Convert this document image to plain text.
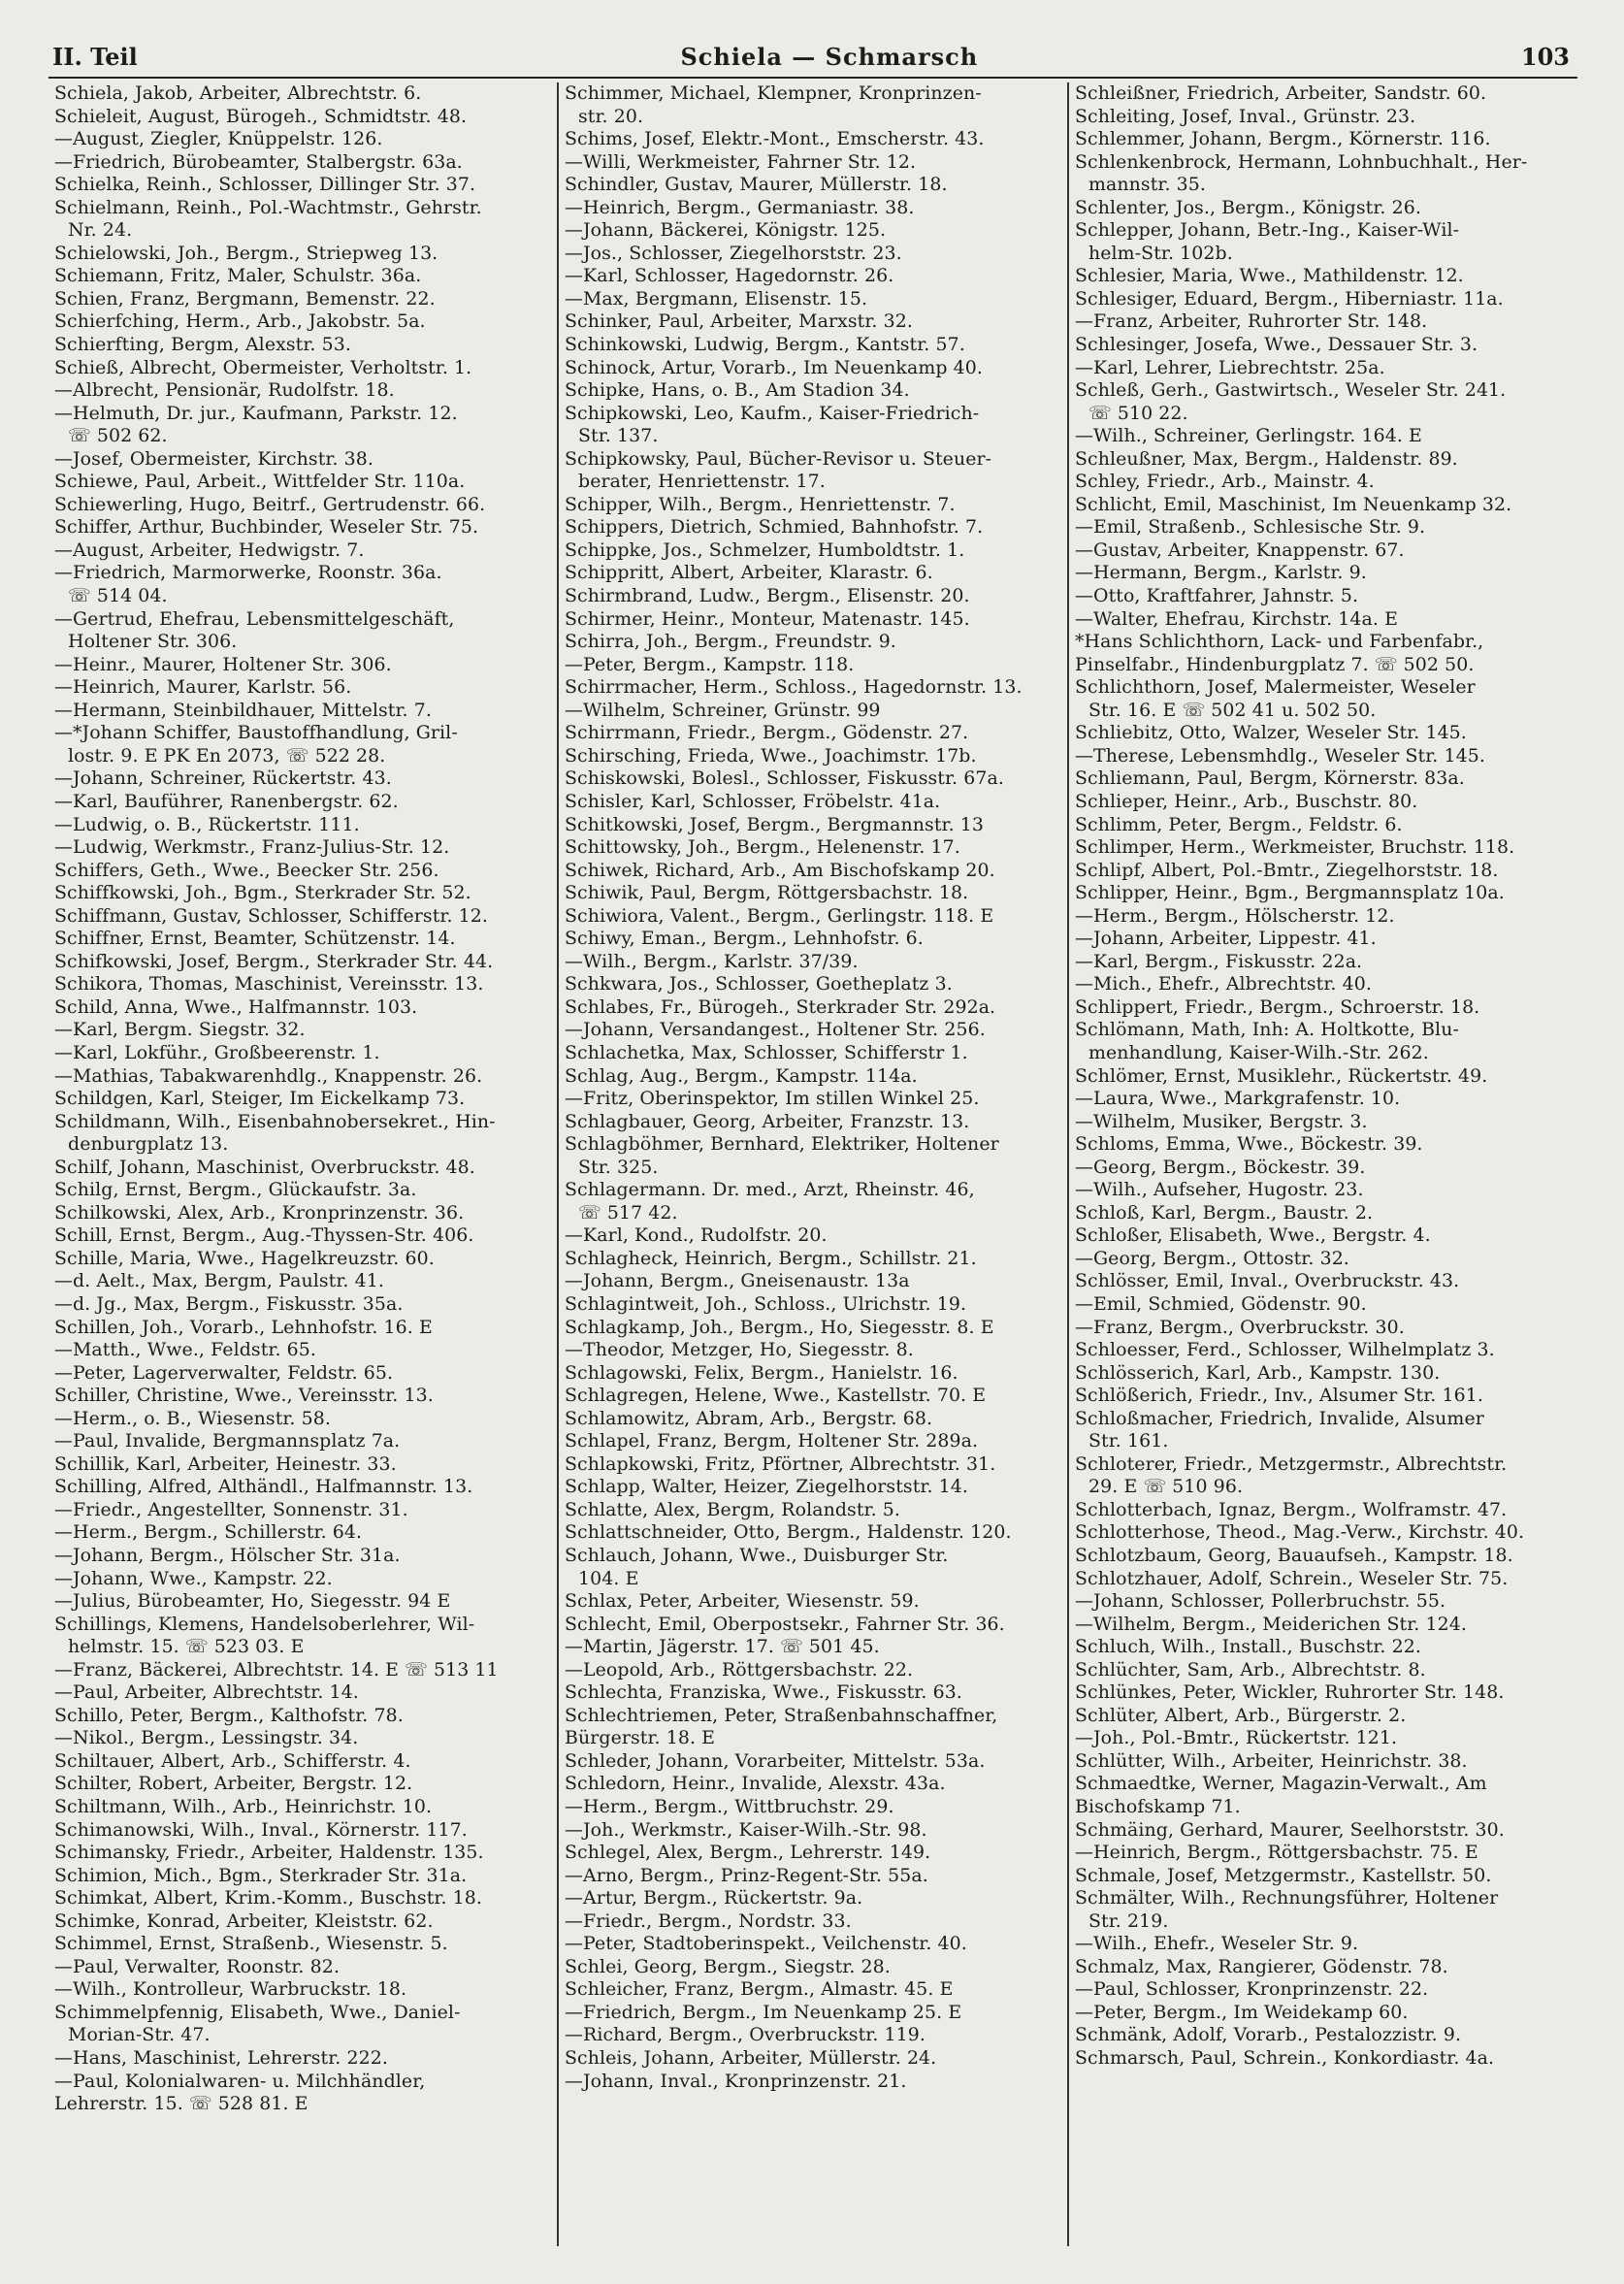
II. Teil	Schiela — Schmarsch	103
Schiela, Jakob, Arbeiter, Albrechtstr. 6.
Schieleit, August, Bürogeh., Schmidtstr. 48.
—August, Ziegler, Knüppelstr. 126.
—Friedrich, Bürobeamter, Stalbergstr. 63a.
Schielka, Reinh., Schlosser, Dillinger Str. 37.
Schielmann, Reinh., Pol.-Wachtmstr., Gehrstr.
Nr. 24.
Schielowski, Joh., Bergm., Striepweg 13.
Schiemann, Fritz, Maler, Schulstr. 36a.
Schien, Franz, Bergmann, Bemenstr. 22.
Schierfching, Herm., Arb., Jakobstr. 5a.
Schierfting, Bergm, Alexstr. 53.
Schieß, Albrecht, Obermeister, Verholtstr. 1.
—Albrecht, Pensionär, Rudolfstr. 18.
—Helmuth, Dr. jur., Kaufmann, Parkstr. 12.
☏ 502 62.
—Josef, Obermeister, Kirchstr. 38.
Schiewe, Paul, Arbeit., Wittfelder Str. 110a.
Schiewerling, Hugo, Beitrf., Gertrudenstr. 66.
Schiffer, Arthur, Buchbinder, Weseler Str. 75.
—August, Arbeiter, Hedwigstr. 7.
—Friedrich, Marmorwerke, Roonstr. 36a.
☏ 514 04.
—Gertrud, Ehefrau, Lebensmittelgeschäft,
Holtener Str. 306.
—Heinr., Maurer, Holtener Str. 306.
—Heinrich, Maurer, Karlstr. 56.
—Hermann, Steinbildhauer, Mittelstr. 7.
—*Johann Schiffer, Baustoffhandlung, Gril-
lostr. 9. E PK En 2073, ☏ 522 28.
—Johann, Schreiner, Rückertstr. 43.
—Karl, Bauführer, Ranenbergstr. 62.
—Ludwig, o. B., Rückertstr. 111.
—Ludwig, Werkmstr., Franz-Julius-Str. 12.
Schiffers, Geth., Wwe., Beecker Str. 256.
Schiffkowski, Joh., Bgm., Sterkrader Str. 52.
Schiffmann, Gustav, Schlosser, Schifferstr. 12.
Schiffner, Ernst, Beamter, Schützenstr. 14.
Schifkowski, Josef, Bergm., Sterkrader Str. 44.
Schikora, Thomas, Maschinist, Vereinsstr. 13.
Schild, Anna, Wwe., Halfmannstr. 103.
—Karl, Bergm. Siegstr. 32.
—Karl, Lokführ., Großbeerenstr. 1.
—Mathias, Tabakwarenhdlg., Knappenstr. 26.
Schildgen, Karl, Steiger, Im Eickelkamp 73.
Schildmann, Wilh., Eisenbahnobersekret., Hin-
denburgplatz 13.
Schilf, Johann, Maschinist, Overbruckstr. 48.
Schilg, Ernst, Bergm., Glückaufstr. 3a.
Schilkowski, Alex, Arb., Kronprinzenstr. 36.
Schill, Ernst, Bergm., Aug.-Thyssen-Str. 406.
Schille, Maria, Wwe., Hagelkreuzstr. 60.
—d. Aelt., Max, Bergm, Paulstr. 41.
—d. Jg., Max, Bergm., Fiskusstr. 35a.
Schillen, Joh., Vorarb., Lehnhofstr. 16. E
—Matth., Wwe., Feldstr. 65.
—Peter, Lagerverwalter, Feldstr. 65.
Schiller, Christine, Wwe., Vereinsstr. 13.
—Herm., o. B., Wiesenstr. 58.
—Paul, Invalide, Bergmannsplatz 7a.
Schillik, Karl, Arbeiter, Heinestr. 33.
Schilling, Alfred, Althändl., Halfmannstr. 13.
—Friedr., Angestellter, Sonnenstr. 31.
—Herm., Bergm., Schillerstr. 64.
—Johann, Bergm., Hölscher Str. 31a.
—Johann, Wwe., Kampstr. 22.
—Julius, Bürobeamter, Ho, Siegesstr. 94 E
Schillings, Klemens, Handelsoberlehrer, Wil-
helmstr. 15. ☏ 523 03. E
—Franz, Bäckerei, Albrechtstr. 14. E ☏ 513 11
—Paul, Arbeiter, Albrechtstr. 14.
Schillo, Peter, Bergm., Kalthofstr. 78.
—Nikol., Bergm., Lessingstr. 34.
Schiltauer, Albert, Arb., Schifferstr. 4.
Schilter, Robert, Arbeiter, Bergstr. 12.
Schiltmann, Wilh., Arb., Heinrichstr. 10.
Schimanowski, Wilh., Inval., Körnerstr. 117.
Schimansky, Friedr., Arbeiter, Haldenstr. 135.
Schimion, Mich., Bgm., Sterkrader Str. 31a.
Schimkat, Albert, Krim.-Komm., Buschstr. 18.
Schimke, Konrad, Arbeiter, Kleiststr. 62.
Schimmel, Ernst, Straßenb., Wiesenstr. 5.
—Paul, Verwalter, Roonstr. 82.
—Wilh., Kontrolleur, Warbruckstr. 18.
Schimmelpfennig, Elisabeth, Wwe., Daniel-
Morian-Str. 47.
—Hans, Maschinist, Lehrerstr. 222.
—Paul, Kolonialwaren- u. Milchhändler,
Lehrerstr. 15. ☏ 528 81. E
Schimmer, Michael, Klempner, Kronprinzen-
str. 20.
Schims, Josef, Elektr.-Mont., Emscherstr. 43.
—Willi, Werkmeister, Fahrner Str. 12.
Schindler, Gustav, Maurer, Müllerstr. 18.
—Heinrich, Bergm., Germaniastr. 38.
—Johann, Bäckerei, Königstr. 125.
—Jos., Schlosser, Ziegelhorststr. 23.
—Karl, Schlosser, Hagedornstr. 26.
—Max, Bergmann, Elisenstr. 15.
Schinker, Paul, Arbeiter, Marxstr. 32.
Schinkowski, Ludwig, Bergm., Kantstr. 57.
Schinock, Artur, Vorarb., Im Neuenkamp 40.
Schipke, Hans, o. B., Am Stadion 34.
Schipkowski, Leo, Kaufm., Kaiser-Friedrich-
Str. 137.
Schipkowsky, Paul, Bücher-Revisor u. Steuer-
berater, Henriettenstr. 17.
Schipper, Wilh., Bergm., Henriettenstr. 7.
Schippers, Dietrich, Schmied, Bahnhofstr. 7.
Schippke, Jos., Schmelzer, Humboldtstr. 1.
Schippritt, Albert, Arbeiter, Klarastr. 6.
Schirmbrand, Ludw., Bergm., Elisenstr. 20.
Schirmer, Heinr., Monteur, Matenastr. 145.
Schirra, Joh., Bergm., Freundstr. 9.
—Peter, Bergm., Kampstr. 118.
Schirrmacher, Herm., Schloss., Hagedornstr. 13.
—Wilhelm, Schreiner, Grünstr. 99
Schirrmann, Friedr., Bergm., Gödenstr. 27.
Schirsching, Frieda, Wwe., Joachimstr. 17b.
Schiskowski, Bolesl., Schlosser, Fiskusstr. 67a.
Schisler, Karl, Schlosser, Fröbelstr. 41a.
Schitkowski, Josef, Bergm., Bergmannstr. 13
Schittowsky, Joh., Bergm., Helenenstr. 17.
Schiwek, Richard, Arb., Am Bischofskamp 20.
Schiwik, Paul, Bergm, Röttgersbachstr. 18.
Schiwiora, Valent., Bergm., Gerlingstr. 118. E
Schiwy, Eman., Bergm., Lehnhofstr. 6.
—Wilh., Bergm., Karlstr. 37/39.
Schkwara, Jos., Schlosser, Goetheplatz 3.
Schlabes, Fr., Bürogeh., Sterkrader Str. 292a.
—Johann, Versandangest., Holtener Str. 256.
Schlachetka, Max, Schlosser, Schifferstr 1.
Schlag, Aug., Bergm., Kampstr. 114a.
—Fritz, Oberinspektor, Im stillen Winkel 25.
Schlagbauer, Georg, Arbeiter, Franzstr. 13.
Schlagböhmer, Bernhard, Elektriker, Holtener
Str. 325.
Schlagermann. Dr. med., Arzt, Rheinstr. 46,
☏ 517 42.
—Karl, Kond., Rudolfstr. 20.
Schlagheck, Heinrich, Bergm., Schillstr. 21.
—Johann, Bergm., Gneisenaustr. 13a
Schlagintweit, Joh., Schloss., Ulrichstr. 19.
Schlagkamp, Joh., Bergm., Ho, Siegesstr. 8. E
—Theodor, Metzger, Ho, Siegesstr. 8.
Schlagowski, Felix, Bergm., Hanielstr. 16.
Schlagregen, Helene, Wwe., Kastellstr. 70. E
Schlamowitz, Abram, Arb., Bergstr. 68.
Schlapel, Franz, Bergm, Holtener Str. 289a.
Schlapkowski, Fritz, Pförtner, Albrechtstr. 31.
Schlapp, Walter, Heizer, Ziegelhorststr. 14.
Schlatte, Alex, Bergm, Rolandstr. 5.
Schlattschneider, Otto, Bergm., Haldenstr. 120.
Schlauch, Johann, Wwe., Duisburger Str.
104. E
Schlax, Peter, Arbeiter, Wiesenstr. 59.
Schlecht, Emil, Oberpostsekr., Fahrner Str. 36.
—Martin, Jägerstr. 17. ☏ 501 45.
—Leopold, Arb., Röttgersbachstr. 22.
Schlechta, Franziska, Wwe., Fiskusstr. 63.
Schlechtriemen, Peter, Straßenbahnschaffner,
Bürgerstr. 18. E
Schleder, Johann, Vorarbeiter, Mittelstr. 53a.
Schledorn, Heinr., Invalide, Alexstr. 43a.
—Herm., Bergm., Wittbruchstr. 29.
—Joh., Werkmstr., Kaiser-Wilh.-Str. 98.
Schlegel, Alex, Bergm., Lehrerstr. 149.
—Arno, Bergm., Prinz-Regent-Str. 55a.
—Artur, Bergm., Rückertstr. 9a.
—Friedr., Bergm., Nordstr. 33.
—Peter, Stadtoberinspekt., Veilchenstr. 40.
Schlei, Georg, Bergm., Siegstr. 28.
Schleicher, Franz, Bergm., Almastr. 45. E
—Friedrich, Bergm., Im Neuenkamp 25. E
—Richard, Bergm., Overbruckstr. 119.
Schleis, Johann, Arbeiter, Müllerstr. 24.
—Johann, Inval., Kronprinzenstr. 21.
Schleißner, Friedrich, Arbeiter, Sandstr. 60.
Schleiting, Josef, Inval., Grünstr. 23.
Schlemmer, Johann, Bergm., Körnerstr. 116.
Schlenkenbrock, Hermann, Lohnbuchhalt., Her-
mannstr. 35.
Schlenter, Jos., Bergm., Königstr. 26.
Schlepper, Johann, Betr.-Ing., Kaiser-Wil-
helm-Str. 102b.
Schlesier, Maria, Wwe., Mathildenstr. 12.
Schlesiger, Eduard, Bergm., Hiberniastr. 11a.
—Franz, Arbeiter, Ruhrorter Str. 148.
Schlesinger, Josefa, Wwe., Dessauer Str. 3.
—Karl, Lehrer, Liebrechtstr. 25a.
Schleß, Gerh., Gastwirtsch., Weseler Str. 241.
☏ 510 22.
—Wilh., Schreiner, Gerlingstr. 164. E
Schleußner, Max, Bergm., Haldenstr. 89.
Schley, Friedr., Arb., Mainstr. 4.
Schlicht, Emil, Maschinist, Im Neuenkamp 32.
—Emil, Straßenb., Schlesische Str. 9.
—Gustav, Arbeiter, Knappenstr. 67.
—Hermann, Bergm., Karlstr. 9.
—Otto, Kraftfahrer, Jahnstr. 5.
—Walter, Ehefrau, Kirchstr. 14a. E
*Hans Schlichthorn, Lack- und Farbenfabr.,
Pinselfabr., Hindenburgplatz 7. ☏ 502 50.
Schlichthorn, Josef, Malermeister, Weseler
Str. 16. E ☏ 502 41 u. 502 50.
Schliebitz, Otto, Walzer, Weseler Str. 145.
—Therese, Lebensmhdlg., Weseler Str. 145.
Schliemann, Paul, Bergm, Körnerstr. 83a.
Schlieper, Heinr., Arb., Buschstr. 80.
Schlimm, Peter, Bergm., Feldstr. 6.
Schlimper, Herm., Werkmeister, Bruchstr. 118.
Schlipf, Albert, Pol.-Bmtr., Ziegelhorststr. 18.
Schlipper, Heinr., Bgm., Bergmannsplatz 10a.
—Herm., Bergm., Hölscherstr. 12.
—Johann, Arbeiter, Lippestr. 41.
—Karl, Bergm., Fiskusstr. 22a.
—Mich., Ehefr., Albrechtstr. 40.
Schlippert, Friedr., Bergm., Schroerstr. 18.
Schlömann, Math, Inh: A. Holtkotte, Blu-
menhandlung, Kaiser-Wilh.-Str. 262.
Schlömer, Ernst, Musiklehr., Rückertstr. 49.
—Laura, Wwe., Markgrafenstr. 10.
—Wilhelm, Musiker, Bergstr. 3.
Schloms, Emma, Wwe., Böckestr. 39.
—Georg, Bergm., Böckestr. 39.
—Wilh., Aufseher, Hugostr. 23.
Schloß, Karl, Bergm., Baustr. 2.
Schloßer, Elisabeth, Wwe., Bergstr. 4.
—Georg, Bergm., Ottostr. 32.
Schlösser, Emil, Inval., Overbruckstr. 43.
—Emil, Schmied, Gödenstr. 90.
—Franz, Bergm., Overbruckstr. 30.
Schloesser, Ferd., Schlosser, Wilhelmplatz 3.
Schlösserich, Karl, Arb., Kampstr. 130.
Schlößerich, Friedr., Inv., Alsumer Str. 161.
Schloßmacher, Friedrich, Invalide, Alsumer
Str. 161.
Schloterer, Friedr., Metzgermstr., Albrechtstr.
29. E ☏ 510 96.
Schlotterbach, Ignaz, Bergm., Wolframstr. 47.
Schlotterhose, Theod., Mag.-Verw., Kirchstr. 40.
Schlotzbaum, Georg, Bauaufseh., Kampstr. 18.
Schlotzhauer, Adolf, Schrein., Weseler Str. 75.
—Johann, Schlosser, Pollerbruchstr. 55.
—Wilhelm, Bergm., Meiderichen Str. 124.
Schluch, Wilh., Install., Buschstr. 22.
Schlüchter, Sam, Arb., Albrechtstr. 8.
Schlünkes, Peter, Wickler, Ruhrorter Str. 148.
Schlüter, Albert, Arb., Bürgerstr. 2.
—Joh., Pol.-Bmtr., Rückertstr. 121.
Schlütter, Wilh., Arbeiter, Heinrichstr. 38.
Schmaedtke, Werner, Magazin-Verwalt., Am
Bischofskamp 71.
Schmäing, Gerhard, Maurer, Seelhorststr. 30.
—Heinrich, Bergm., Röttgersbachstr. 75. E
Schmale, Josef, Metzgermstr., Kastellstr. 50.
Schmälter, Wilh., Rechnungsführer, Holtener
Str. 219.
—Wilh., Ehefr., Weseler Str. 9.
Schmalz, Max, Rangierer, Gödenstr. 78.
—Paul, Schlosser, Kronprinzenstr. 22.
—Peter, Bergm., Im Weidekamp 60.
Schmänk, Adolf, Vorarb., Pestalozzistr. 9.
Schmarsch, Paul, Schrein., Konkordiastr. 4a.
